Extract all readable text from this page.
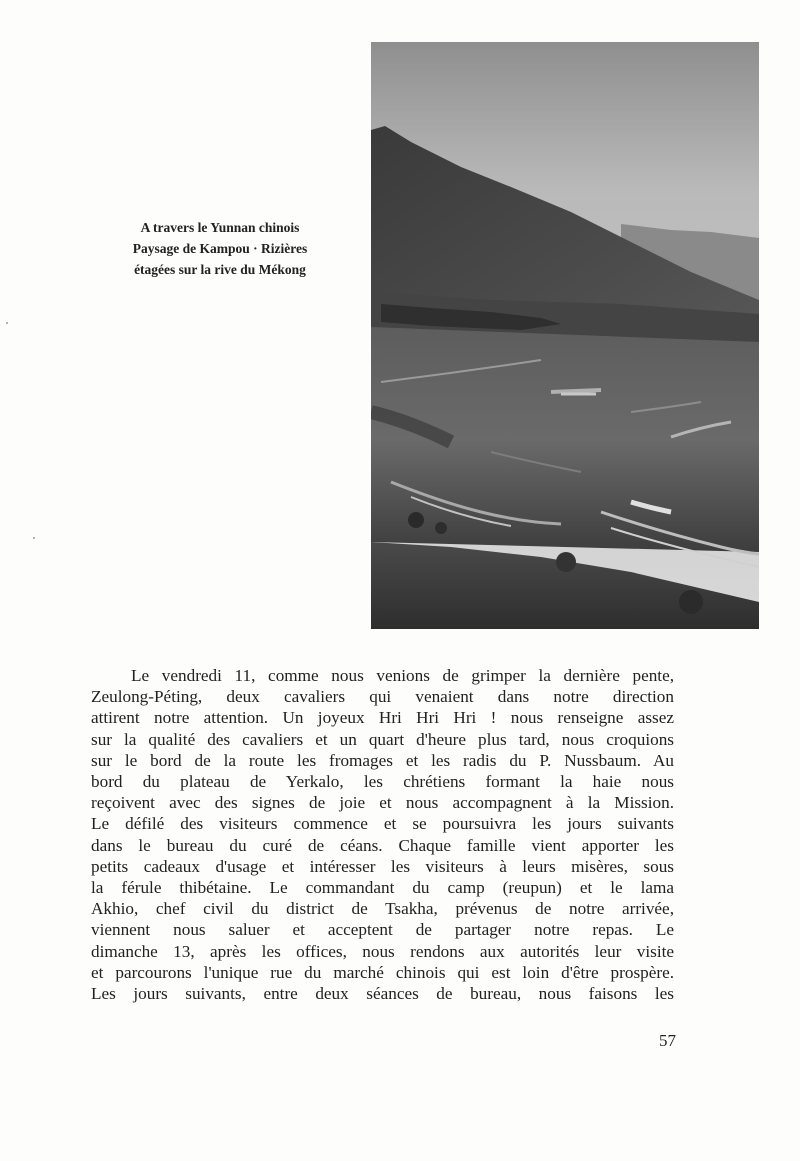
A travers le Yunnan chinois
Paysage de Kampou · Rizières
étagées sur la rive du Mékong
Le vendredi 11, comme nous venions de grimper la dernière pente,
Zeulong-Péting, deux cavaliers qui venaient dans notre direction
attirent notre attention. Un joyeux Hri Hri Hri ! nous renseigne assez
sur la qualité des cavaliers et un quart d'heure plus tard, nous croquions
sur le bord de la route les fromages et les radis du P. Nussbaum. Au
bord du plateau de Yerkalo, les chrétiens formant la haie nous
reçoivent avec des signes de joie et nous accompagnent à la Mission.
Le défilé des visiteurs commence et se poursuivra les jours suivants
dans le bureau du curé de céans. Chaque famille vient apporter les
petits cadeaux d'usage et intéresser les visiteurs à leurs misères, sous
la férule thibétaine. Le commandant du camp (reupun) et le lama
Akhio, chef civil du district de Tsakha, prévenus de notre arrivée,
viennent nous saluer et acceptent de partager notre repas. Le
dimanche 13, après les offices, nous rendons aux autorités leur visite
et parcourons l'unique rue du marché chinois qui est loin d'être prospère.
Les jours suivants, entre deux séances de bureau, nous faisons les
57
